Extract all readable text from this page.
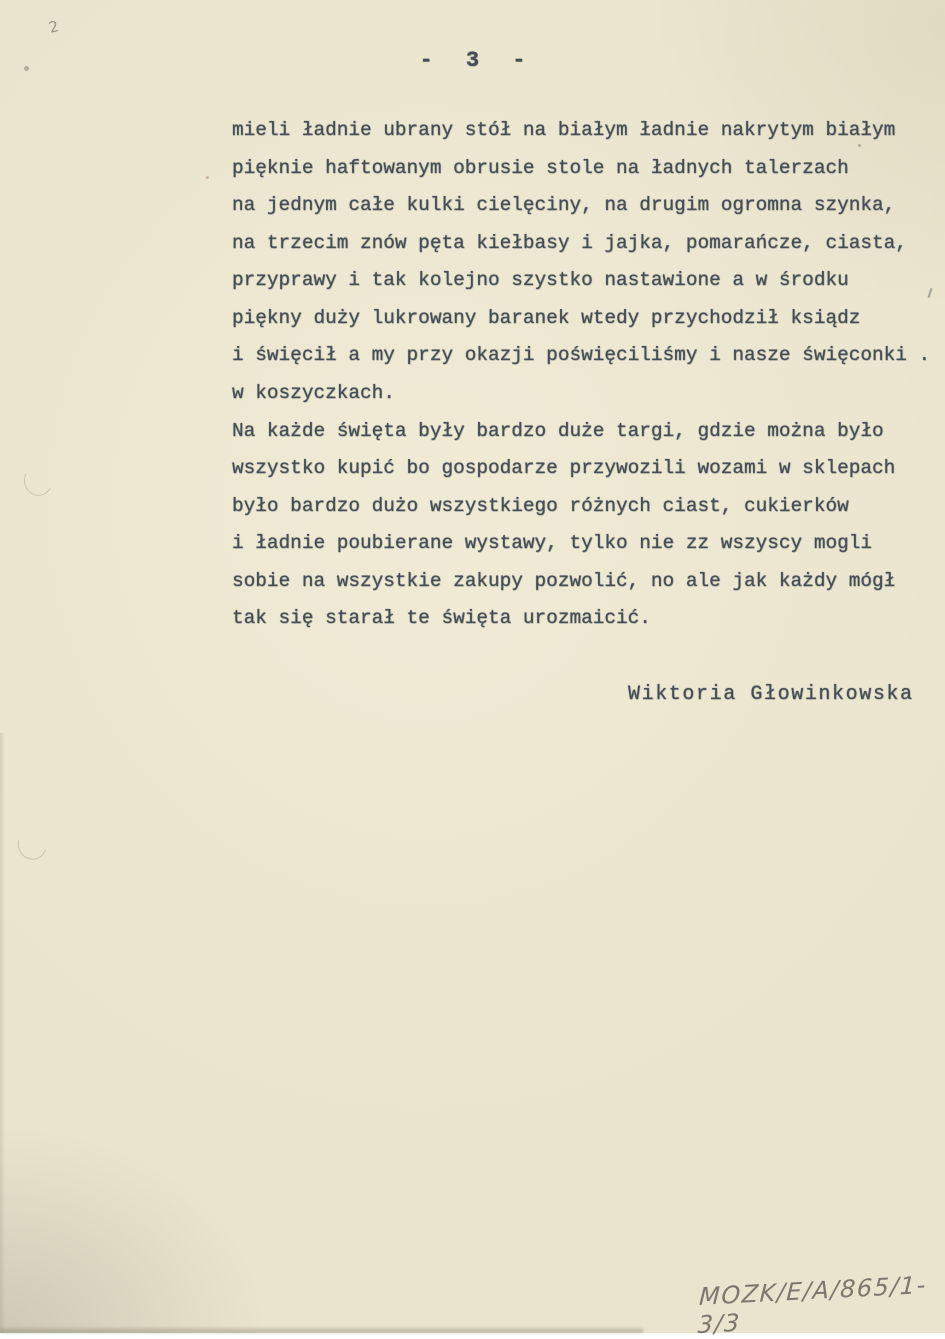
2
- 3 -
mieli ładnie ubrany stół na białym ładnie nakrytym białym
pięknie haftowanym obrusie stole na ładnych talerzach
na jednym całe kulki cielęciny, na drugim ogromna szynka,
na trzecim znów pęta kiełbasy i jajka, pomarańcze, ciasta,
przyprawy i tak kolejno szystko nastawione a w środku
piękny duży lukrowany baranek wtedy przychodził ksiądz
i święcił a my przy okazji poświęciliśmy i nasze święconki .
w koszyczkach.
Na każde święta były bardzo duże targi, gdzie można było
wszystko kupić bo gospodarze przywozili wozami w sklepach
było bardzo dużo wszystkiego różnych ciast, cukierków
i ładnie poubierane wystawy, tylko nie zz wszyscy mogli
sobie na wszystkie zakupy pozwolić, no ale jak każdy mógł
tak się starał te święta urozmaicić.
Wiktoria Głowinkowska
MOZK/E/A/865/1-3/3
